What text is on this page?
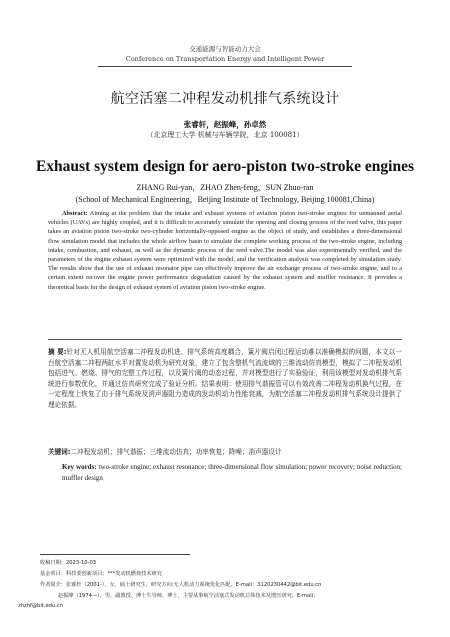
交通能源与智能动力大会
Conference on Transportation Energy and Intelligent Power
航空活塞二冲程发动机排气系统设计
张睿轩，赵振峰，孙卓然
（北京理工大学 机械与车辆学院，北京 100081）
Exhaust system design for aero-piston two-stroke engines
ZHANG Rui-yan，ZHAO Zhen-feng，SUN Zhuo-ran
(School of Mechanical Engineering，Beijing Institute of Technology, Beijing 100081,China)
Abstract: Aiming at the problem that the intake and exhaust systems of aviation piston two-stroke engines for unmanned aerial vehicles (UAVs) are highly coupled, and it is difficult to accurately simulate the opening and closing process of the reed valve, this paper takes an aviation piston two-stroke two-cylinder horizontally-opposed engine as the object of study, and establishes a three-dimensional flow simulation model that includes the whole airflow basin to simulate the complete working process of the two-stroke engine, including intake, combustion, and exhaust, as well as the dynamic process of the reed valve.The model was also experimentally verified, and the parameters of the engine exhaust system were optimized with the model, and the verification analysis was completed by simulation study. The results show that the use of exhaust resonator pipe can effectively improve the air exchange process of two-stroke engine, and to a certain extent recover the engine power performance degradation caused by the exhaust system and muffler resistance. It provides a theoretical basis for the design of exhaust system of aviation piston two-stroke engine.
摘 要:针对无人机用航空活塞二冲程发动机进、排气系统高度耦合、簧片阀启闭过程运动难以准确模拟的问题，本文以一台航空活塞二冲程两缸水平对置发动机为研究对象，建立了包含整机气流流域的三维流动仿真模型，模拟了二冲程发动机包括进气、燃烧、排气的完整工作过程，以及簧片阀的动态过程，并对模型进行了实验验证，利用该模型对发动机排气系统进行参数优化，并通过仿真研究完成了验证分析。结果表明：使用排气谐振管可以有效改善二冲程发动机换气过程，在一定程度上恢复了由于排气系统及消声器阻力造成的发动机动力性能衰减，为航空活塞二冲程发动机排气系统设计提供了理论依据。
关键词:二冲程发动机；排气谐振；三维流动仿真；功率恢复；降噪；消声器设计
Key words: two-stroke engine; exhaust resonance; three-dimensional flow simulation; power recovery; noise reduction; muffler design
收稿日期：2023-10-03
基金项目：科技委创新项目；***发动机燃烧技术研究
作者简介：张睿轩（2001-），女，硕士研究生，研究方向:无人机动力系统优化匹配，E-mail：3120230442@bit.edu.cn
赵振峰（1974—），男，副教授、博士生导师，博士，主要从事航空活塞式发动机总体技术及增压研究，E-mail：
zhzhf@bit.edu.cn
